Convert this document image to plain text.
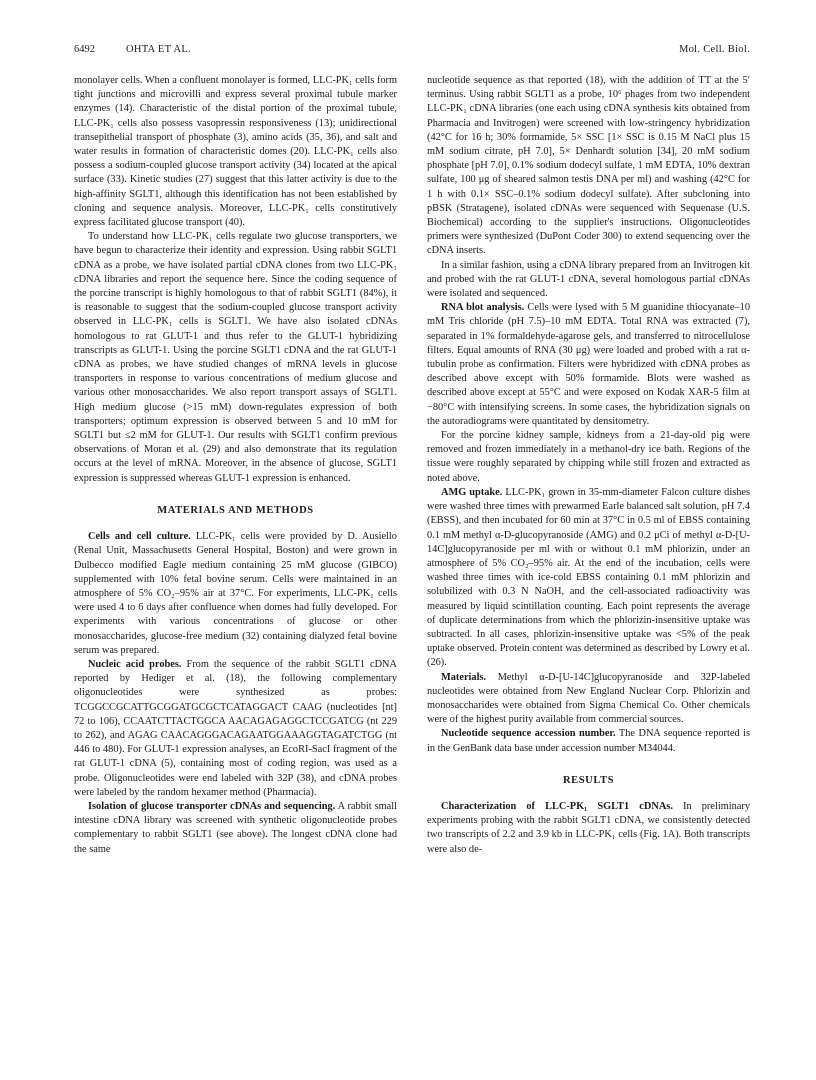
6492	OHTA ET AL.	Mol. Cell. Biol.

monolayer cells. When a confluent monolayer is formed, LLC-PK₁ cells form tight junctions and microvilli and express several proximal tubule marker enzymes (14). Characteristic of the distal portion of the proximal tubule, LLC-PK₁ cells also possess vasopressin responsiveness (13); unidirectional transepithelial transport of phosphate (3), amino acids (35, 36), and salt and water results in formation of characteristic domes (20). LLC-PK₁ cells also possess a sodium-coupled glucose transport activity (34) located at the apical surface (33). Kinetic studies (27) suggest that this latter activity is due to the high-affinity SGLT1, although this identification has not been established by cloning and sequence analysis. Moreover, LLC-PK₁ cells constitutively express facilitated glucose transport (40).

To understand how LLC-PK₁ cells regulate two glucose transporters, we have begun to characterize their identity and expression. Using rabbit SGLT1 cDNA as a probe, we have isolated partial cDNA clones from two LLC-PK₁ cDNA libraries and report the sequence here. Since the coding sequence of the porcine transcript is highly homologous to that of rabbit SGLT1 (84%), it is reasonable to suggest that the sodium-coupled glucose transport activity observed in LLC-PK₁ cells is SGLT1. We have also isolated cDNAs homologous to rat GLUT-1 and thus refer to the GLUT-1 hybridizing transcripts as GLUT-1. Using the porcine SGLT1 cDNA and the rat GLUT-1 cDNA as probes, we have studied changes of mRNA levels in glucose transporters in response to various concentrations of medium glucose and various other monosaccharides. We also report transport assays of SGLT1. High medium glucose (>15 mM) down-regulates expression of both transporters; optimum expression is observed between 5 and 10 mM for SGLT1 but ≤2 mM for GLUT-1. Our results with SGLT1 confirm previous observations of Moran et al. (29) and also demonstrate that its regulation occurs at the level of mRNA. Moreover, in the absence of glucose, SGLT1 expression is suppressed whereas GLUT-1 expression is enhanced.

MATERIALS AND METHODS

Cells and cell culture. LLC-PK₁ cells were provided by D. Ausiello (Renal Unit, Massachusetts General Hospital, Boston) and were grown in Dulbecco modified Eagle medium containing 25 mM glucose (GIBCO) supplemented with 10% fetal bovine serum. Cells were maintained in an atmosphere of 5% CO₂–95% air at 37°C. For experiments, LLC-PK₁ cells were used 4 to 6 days after confluence when domes had fully developed. For experiments with various concentrations of glucose or other monosaccharides, glucose-free medium (32) containing dialyzed fetal bovine serum was prepared.

Nucleic acid probes. From the sequence of the rabbit SGLT1 cDNA reported by Hediger et al. (18), the following complementary oligonucleotides were synthesized as probes: TCGGCCGCATTGCGGATGCGCTCATAGGACT CAAG (nucleotides [nt] 72 to 106), CCAATCTTACTGGCA AACAGAGAGGCTCCGATCG (nt 229 to 262), and AGAG CAACAGGGACAGAATGGAAAGGTAGATCTGG (nt 446 to 480). For GLUT-1 expression analyses, an EcoRI-SacI fragment of the rat GLUT-1 cDNA (5), containing most of coding region, was used as a probe. Oligonucleotides were end labeled with 32P (38), and cDNA probes were labeled by the random hexamer method (Pharmacia).

Isolation of glucose transporter cDNAs and sequencing. A rabbit small intestine cDNA library was screened with synthetic oligonucleotide probes complementary to rabbit SGLT1 (see above). The longest cDNA clone had the same

nucleotide sequence as that reported (18), with the addition of TT at the 5′ terminus. Using rabbit SGLT1 as a probe, 10⁶ phages from two independent LLC-PK₁ cDNA libraries (one each using cDNA synthesis kits obtained from Pharmacia and Invitrogen) were screened with low-stringency hybridization (42°C for 16 h; 30% formamide, 5× SSC [1× SSC is 0.15 M NaCl plus 15 mM sodium citrate, pH 7.0], 5× Denhardt solution [34], 20 mM sodium phosphate [pH 7.0], 0.1% sodium dodecyl sulfate, 1 mM EDTA, 10% dextran sulfate, 100 μg of sheared salmon testis DNA per ml) and washing (42°C for 1 h with 0.1× SSC–0.1% sodium dodecyl sulfate). After subcloning into pBSK (Stratagene), isolated cDNAs were sequenced with Sequenase (U.S. Biochemical) according to the supplier's instructions. Oligonucleotides primers were synthesized (DuPont Coder 300) to extend sequencing over the cDNA inserts.

In a similar fashion, using a cDNA library prepared from an Invitrogen kit and probed with the rat GLUT-1 cDNA, several homologous partial cDNAs were isolated and sequenced.

RNA blot analysis. Cells were lysed with 5 M guanidine thiocyanate–10 mM Tris chloride (pH 7.5)–10 mM EDTA. Total RNA was extracted (7), separated in 1% formaldehyde-agarose gels, and transferred to nitrocellulose filters. Equal amounts of RNA (30 μg) were loaded and probed with a rat α-tubulin probe as confirmation. Filters were hybridized with cDNA probes as described above except with 50% formamide. Blots were washed as described above except at 55°C and were exposed on Kodak XAR-5 film at −80°C with intensifying screens. In some cases, the hybridization signals on the autoradiograms were quantitated by densitometry.

For the porcine kidney sample, kidneys from a 21-day-old pig were removed and frozen immediately in a methanol-dry ice bath. Regions of the tissue were roughly separated by chipping while still frozen and extracted as noted above.

AMG uptake. LLC-PK₁ grown in 35-mm-diameter Falcon culture dishes were washed three times with prewarmed Earle balanced salt solution, pH 7.4 (EBSS), and then incubated for 60 min at 37°C in 0.5 ml of EBSS containing 0.1 mM methyl α-D-glucopyranoside (AMG) and 0.2 μCi of methyl α-D-[U-14C]glucopyranoside per ml with or without 0.1 mM phlorizin, under an atmosphere of 5% CO₂–95% air. At the end of the incubation, cells were washed three times with ice-cold EBSS containing 0.1 mM phlorizin and solubilized with 0.3 N NaOH, and the cell-associated radioactivity was measured by liquid scintillation counting. Each point represents the average of duplicate determinations from which the phlorizin-insensitive uptake was subtracted. In all cases, phlorizin-insensitive uptake was <5% of the peak uptake observed. Protein content was determined as described by Lowry et al. (26).

Materials. Methyl α-D-[U-14C]glucopyranoside and 32P-labeled nucleotides were obtained from New England Nuclear Corp. Phlorizin and monosaccharides were obtained from Sigma Chemical Co. Other chemicals were of the highest purity available from commercial sources.

Nucleotide sequence accession number. The DNA sequence reported is in the GenBank data base under accession number M34044.

RESULTS

Characterization of LLC-PK₁ SGLT1 cDNAs. In preliminary experiments probing with the rabbit SGLT1 cDNA, we consistently detected two transcripts of 2.2 and 3.9 kb in LLC-PK₁ cells (Fig. 1A). Both transcripts were also de-
